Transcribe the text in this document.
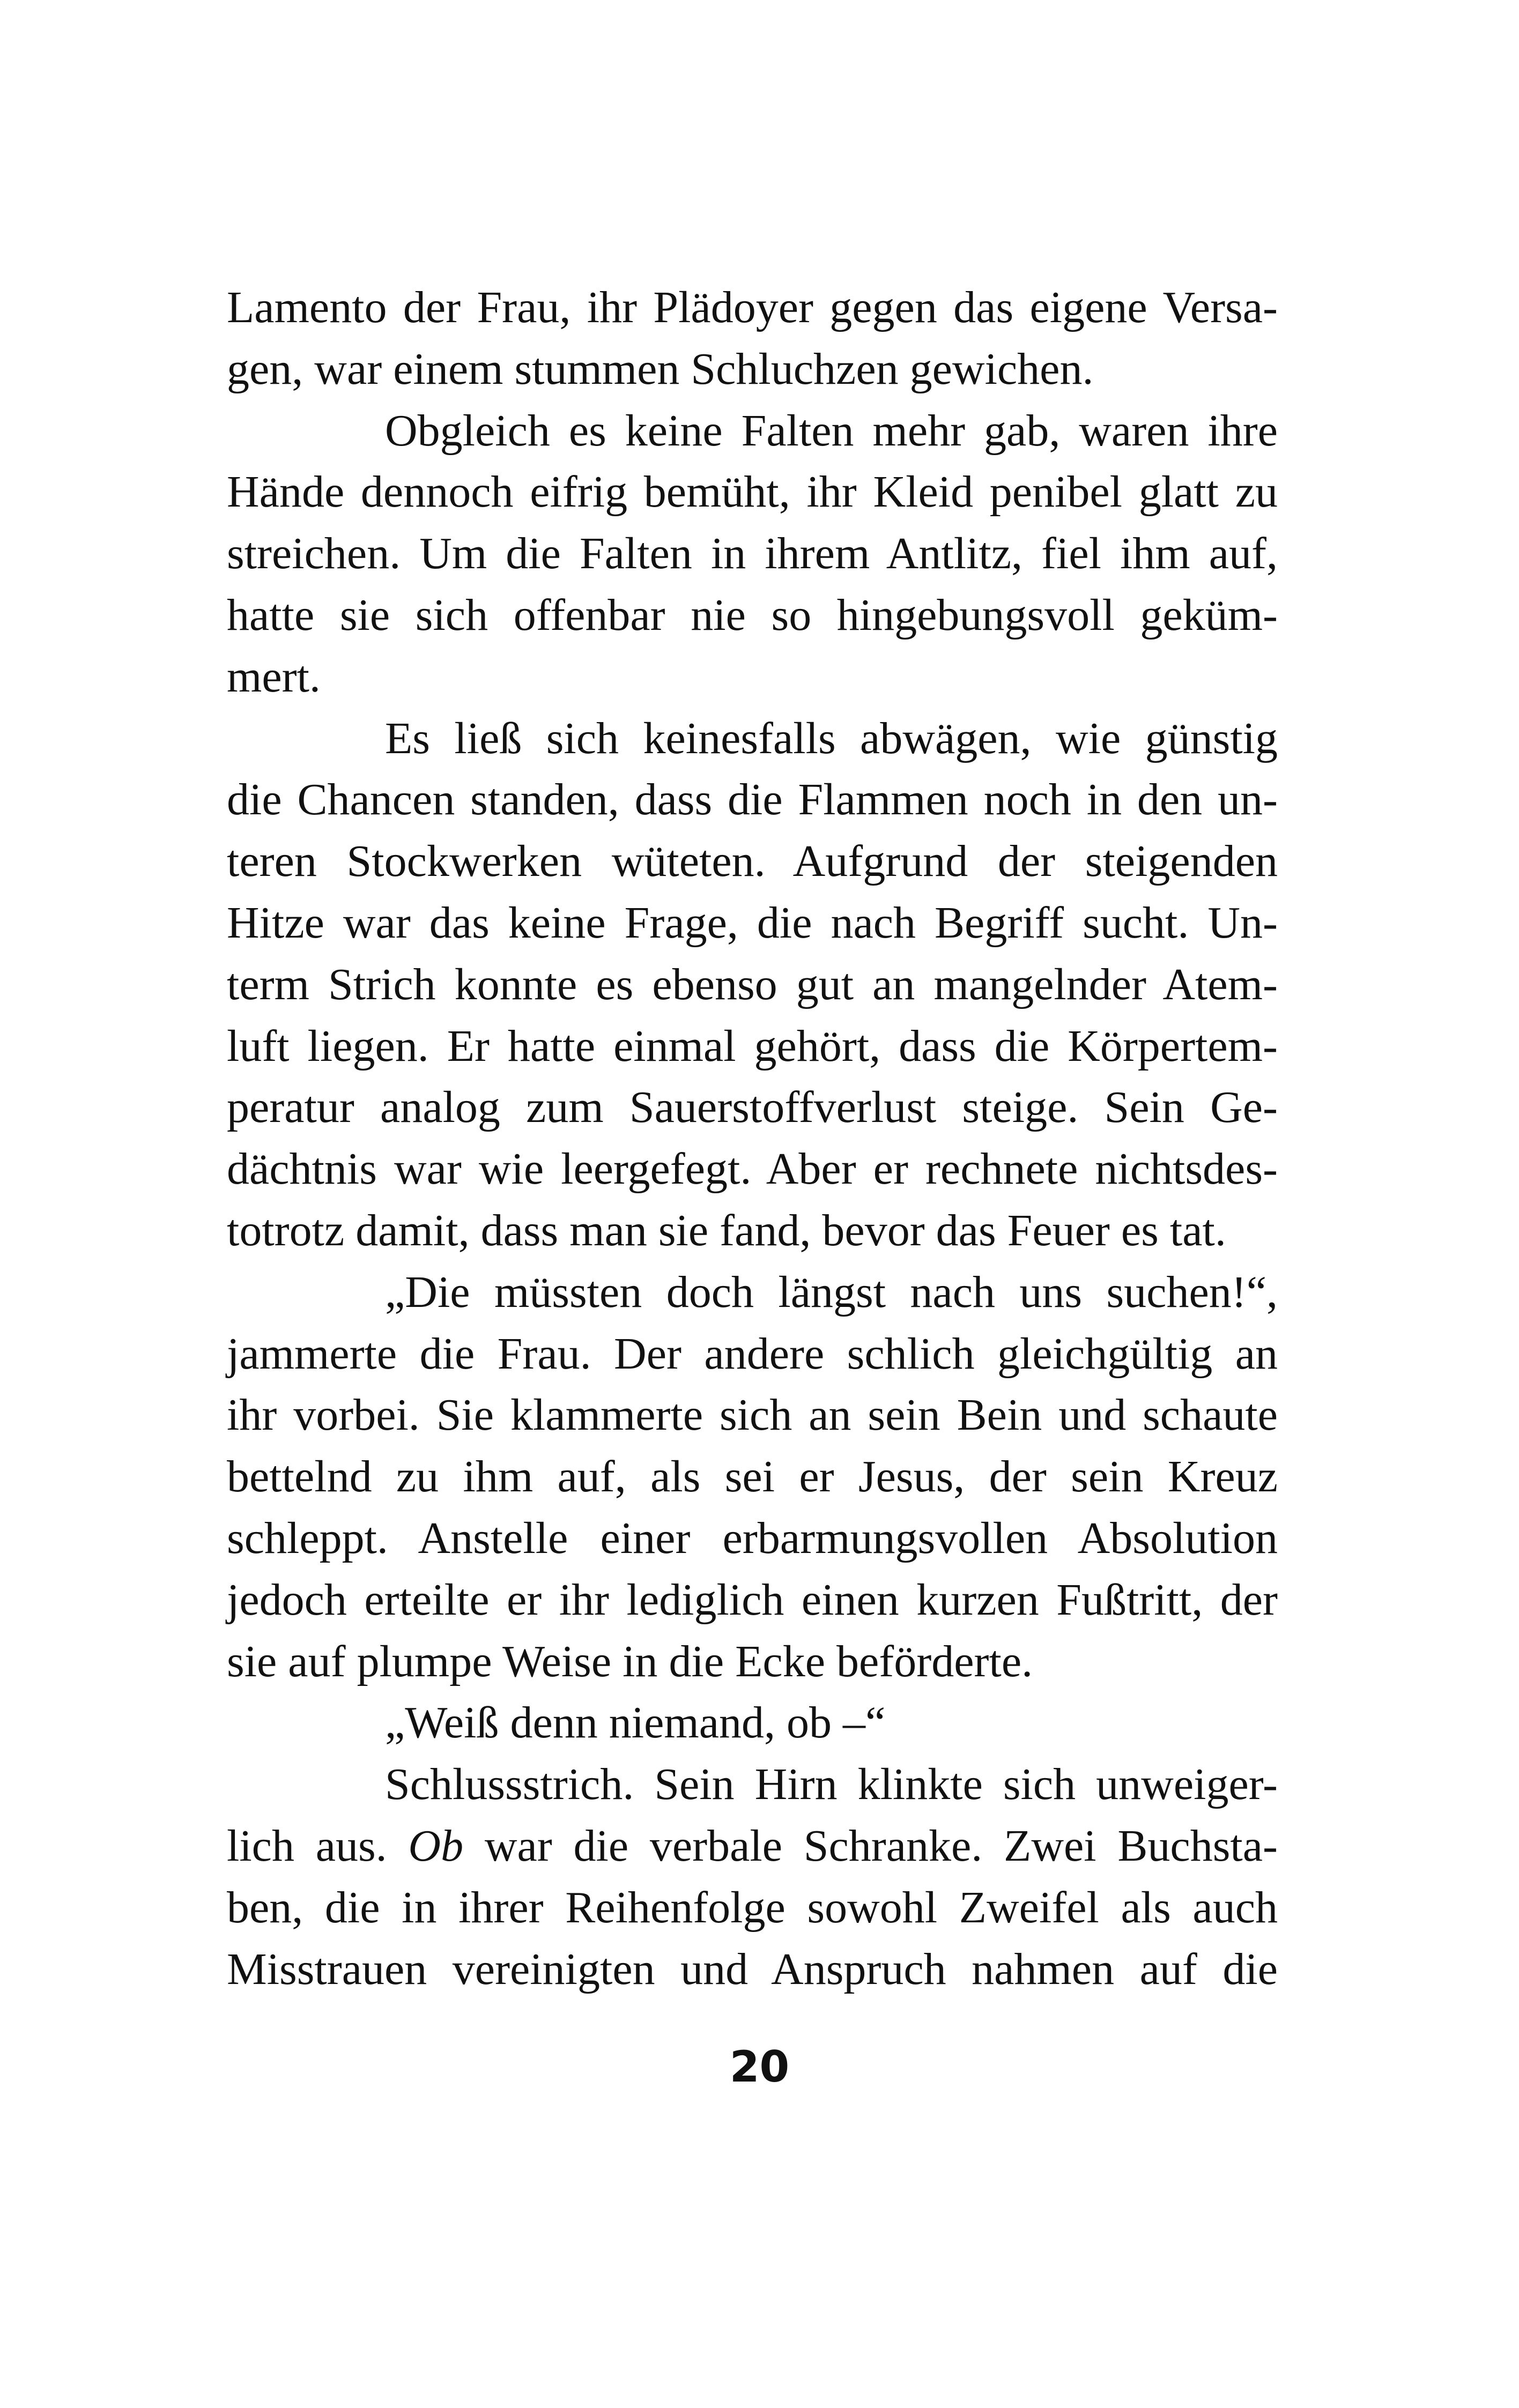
Lamento der Frau, ihr Plädoyer gegen das eigene Versa-
gen, war einem stummen Schluchzen gewichen.
Obgleich es keine Falten mehr gab, waren ihre
Hände dennoch eifrig bemüht, ihr Kleid penibel glatt zu
streichen. Um die Falten in ihrem Antlitz, fiel ihm auf,
hatte sie sich offenbar nie so hingebungsvoll geküm-
mert.
Es ließ sich keinesfalls abwägen, wie günstig
die Chancen standen, dass die Flammen noch in den un-
teren Stockwerken wüteten. Aufgrund der steigenden
Hitze war das keine Frage, die nach Begriff sucht. Un-
term Strich konnte es ebenso gut an mangelnder Atem-
luft liegen. Er hatte einmal gehört, dass die Körpertem-
peratur analog zum Sauerstoffverlust steige. Sein Ge-
dächtnis war wie leergefegt. Aber er rechnete nichtsdes-
totrotz damit, dass man sie fand, bevor das Feuer es tat.
„Die müssten doch längst nach uns suchen!“,
jammerte die Frau. Der andere schlich gleichgültig an
ihr vorbei. Sie klammerte sich an sein Bein und schaute
bettelnd zu ihm auf, als sei er Jesus, der sein Kreuz
schleppt. Anstelle einer erbarmungsvollen Absolution
jedoch erteilte er ihr lediglich einen kurzen Fußtritt, der
sie auf plumpe Weise in die Ecke beförderte.
„Weiß denn niemand, ob –“
Schlussstrich. Sein Hirn klinkte sich unweiger-
lich aus. Ob war die verbale Schranke. Zwei Buchsta-
ben, die in ihrer Reihenfolge sowohl Zweifel als auch
Misstrauen vereinigten und Anspruch nahmen auf die
20
